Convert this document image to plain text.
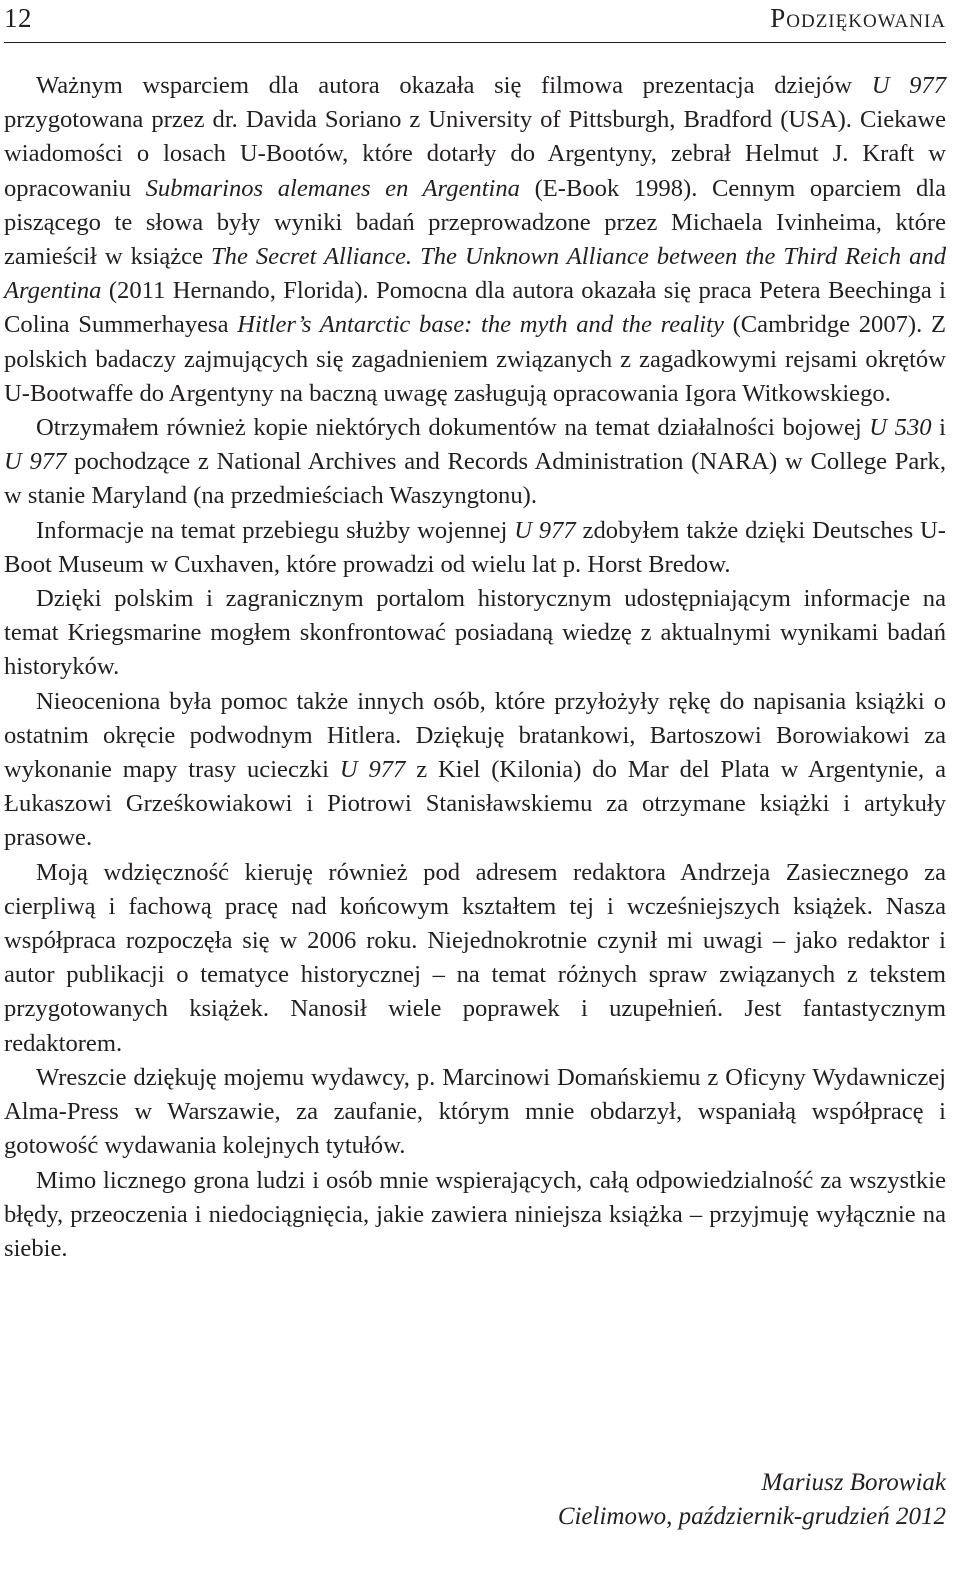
12	Podziękowania

Ważnym wsparciem dla autora okazała się filmowa prezentacja dziejów U 977 przygotowana przez dr. Davida Soriano z University of Pittsburgh, Bradford (USA). Ciekawe wiadomości o losach U-Bootów, które dotarły do Argentyny, zebrał Helmut J. Kraft w opracowaniu Submarinos alemanes en Argentina (E-Book 1998). Cennym oparciem dla piszącego te słowa były wyniki badań przeprowadzone przez Michaela Ivinheima, które zamieścił w książce The Secret Alliance. The Unknown Alliance between the Third Reich and Argentina (2011 Hernando, Florida). Pomocna dla autora okazała się praca Petera Beechinga i Colina Summerhayesa Hitler’s Antarctic base: the myth and the reality (Cambridge 2007). Z polskich badaczy zajmujących się zagadnieniem związanych z zagadkowymi rejsami okrętów U-Bootwaffe do Argentyny na baczną uwagę zasługują opracowania Igora Witkowskiego.

Otrzymałem również kopie niektórych dokumentów na temat działalności bojowej U 530 i U 977 pochodzące z National Archives and Records Administration (NARA) w College Park, w stanie Maryland (na przedmieściach Waszyngtonu).

Informacje na temat przebiegu służby wojennej U 977 zdobyłem także dzięki Deutsches U-Boot Museum w Cuxhaven, które prowadzi od wielu lat p. Horst Bredow.

Dzięki polskim i zagranicznym portalom historycznym udostępniającym informacje na temat Kriegsmarine mogłem skonfrontować posiadaną wiedzę z aktualnymi wynikami badań historyków.

Nieoceniona była pomoc także innych osób, które przyłożyły rękę do napisania książki o ostatnim okręcie podwodnym Hitlera. Dziękuję bratankowi, Bartoszowi Borowiakowi za wykonanie mapy trasy ucieczki U 977 z Kiel (Kilonia) do Mar del Plata w Argentynie, a Łukaszowi Grześkowiakowi i Piotrowi Stanisławskiemu za otrzymane książki i artykuły prasowe.

Moją wdzięczność kieruję również pod adresem redaktora Andrzeja Zasiecznego za cierpliwą i fachową pracę nad końcowym kształtem tej i wcześniejszych książek. Nasza współpraca rozpoczęła się w 2006 roku. Niejednokrotnie czynił mi uwagi – jako redaktor i autor publikacji o tematyce historycznej – na temat różnych spraw związanych z tekstem przygotowanych książek. Nanosił wiele poprawek i uzupełnień. Jest fantastycznym redaktorem.

Wreszcie dziękuję mojemu wydawcy, p. Marcinowi Domańskiemu z Oficyny Wydawniczej Alma-Press w Warszawie, za zaufanie, którym mnie obdarzył, wspaniałą współpracę i gotowość wydawania kolejnych tytułów.

Mimo licznego grona ludzi i osób mnie wspierających, całą odpowiedzialność za wszystkie błędy, przeoczenia i niedociągnięcia, jakie zawiera niniejsza książka – przyjmuję wyłącznie na siebie.

Mariusz Borowiak
Cielimowo, październik-grudzień 2012
